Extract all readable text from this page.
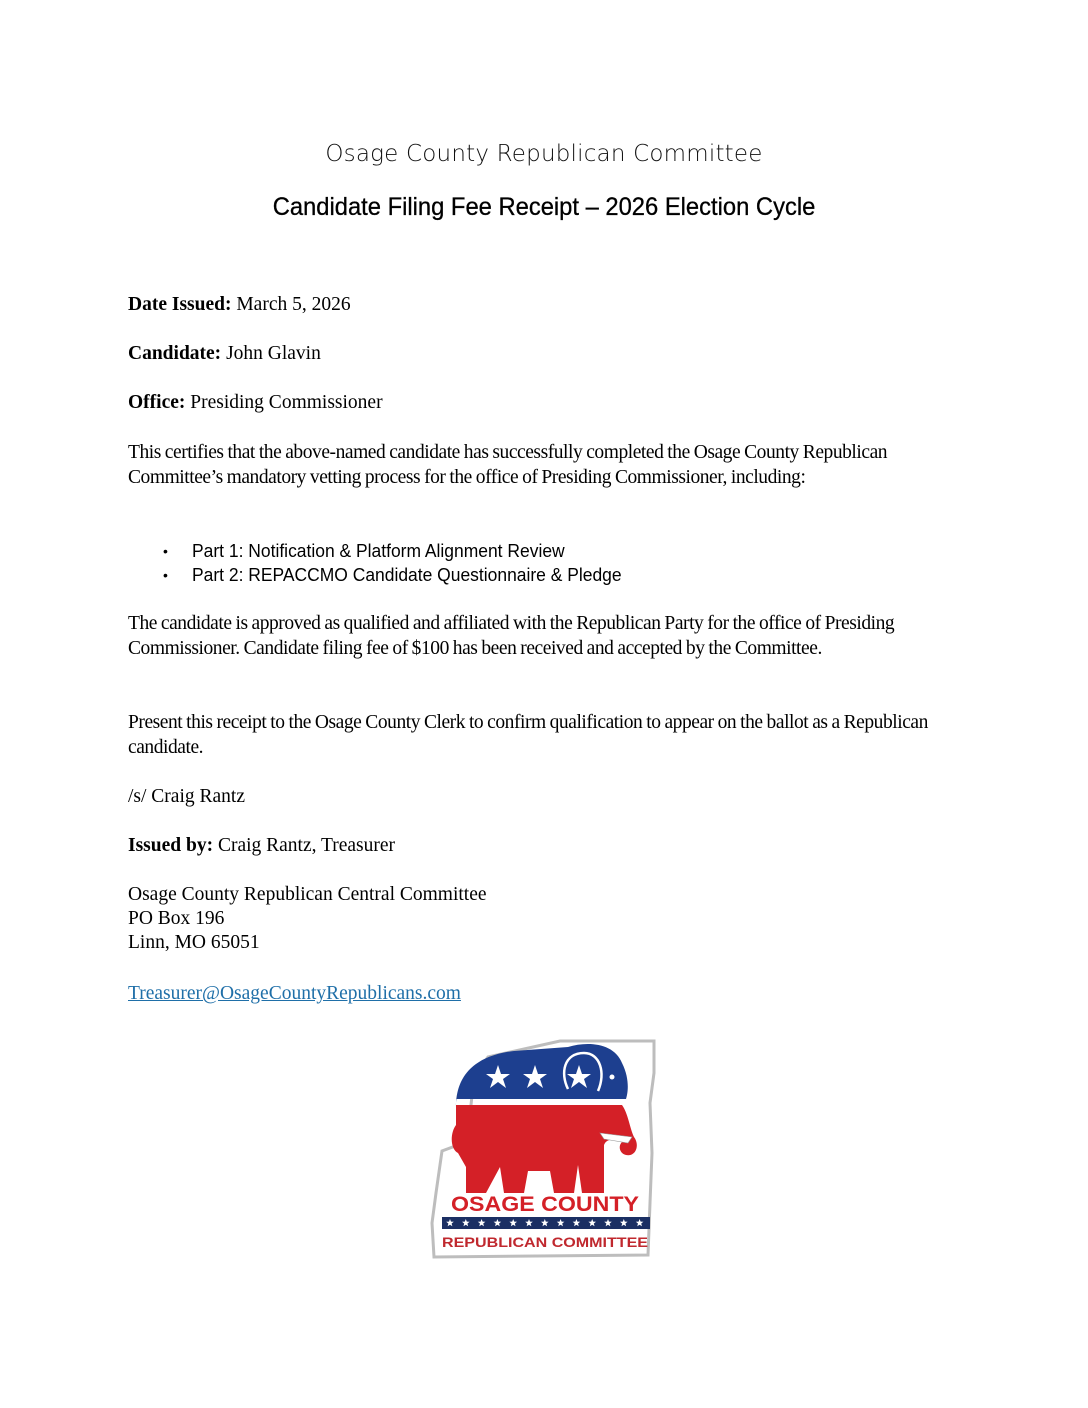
Osage County Republican Committee
Candidate Filing Fee Receipt – 2026 Election Cycle
Date Issued: March 5, 2026
Candidate: John Glavin
Office: Presiding Commissioner
This certifies that the above-named candidate has successfully completed the Osage County Republican Committee’s mandatory vetting process for the office of Presiding Commissioner, including:
• Part 1: Notification & Platform Alignment Review
• Part 2: REPACCMO Candidate Questionnaire & Pledge
The candidate is approved as qualified and affiliated with the Republican Party for the office of Presiding Commissioner. Candidate filing fee of $100 has been received and accepted by the Committee.
Present this receipt to the Osage County Clerk to confirm qualification to appear on the ballot as a Republican candidate.
/s/ Craig Rantz
Issued by: Craig Rantz, Treasurer
Osage County Republican Central Committee
PO Box 196
Linn, MO 65051
Treasurer@OsageCountyRepublicans.com
OSAGE COUNTY
REPUBLICAN COMMITTEE
